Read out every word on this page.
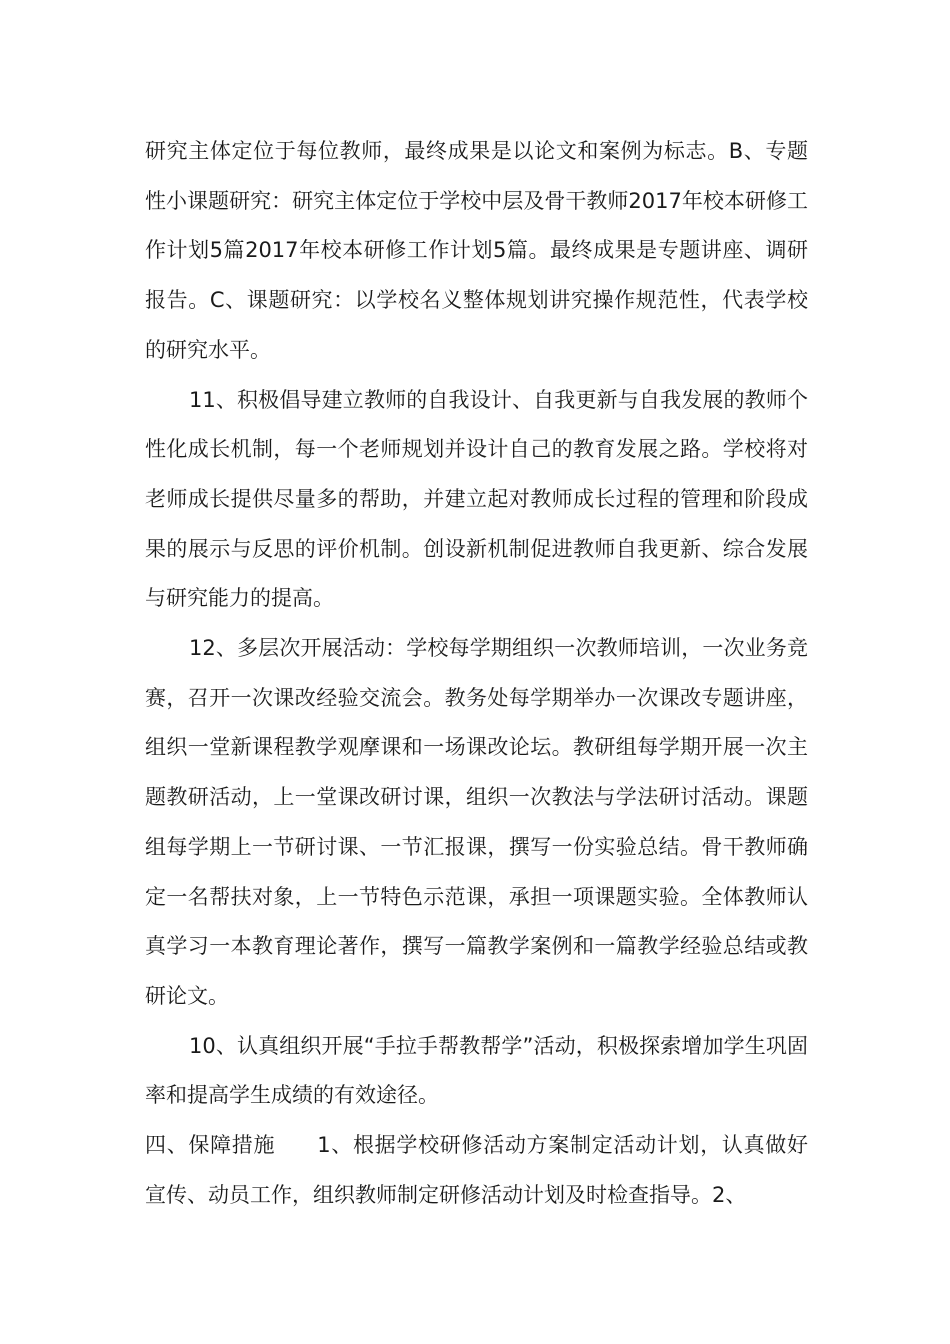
研究主体定位于每位教师，最终成果是以论文和案例为标志。B、专题性小课题研究：研究主体定位于学校中层及骨干教师2017年校本研修工作计划5篇2017年校本研修工作计划5篇。最终成果是专题讲座、调研报告。C、课题研究：以学校名义整体规划讲究操作规范性，代表学校的研究水平。

11、积极倡导建立教师的自我设计、自我更新与自我发展的教师个性化成长机制，每一个老师规划并设计自己的教育发展之路。学校将对老师成长提供尽量多的帮助，并建立起对教师成长过程的管理和阶段成果的展示与反思的评价机制。创设新机制促进教师自我更新、综合发展与研究能力的提高。

12、多层次开展活动：学校每学期组织一次教师培训，一次业务竞赛，召开一次课改经验交流会。教务处每学期举办一次课改专题讲座，组织一堂新课程教学观摩课和一场课改论坛。教研组每学期开展一次主题教研活动，上一堂课改研讨课，组织一次教法与学法研讨活动。课题组每学期上一节研讨课、一节汇报课，撰写一份实验总结。骨干教师确定一名帮扶对象，上一节特色示范课，承担一项课题实验。全体教师认真学习一本教育理论著作，撰写一篇教学案例和一篇教学经验总结或教研论文。

10、认真组织开展“手拉手帮教帮学”活动，积极探索增加学生巩固率和提高学生成绩的有效途径。

四、保障措施 1、根据学校研修活动方案制定活动计划，认真做好宣传、动员工作，组织教师制定研修活动计划及时检查指导。2、
